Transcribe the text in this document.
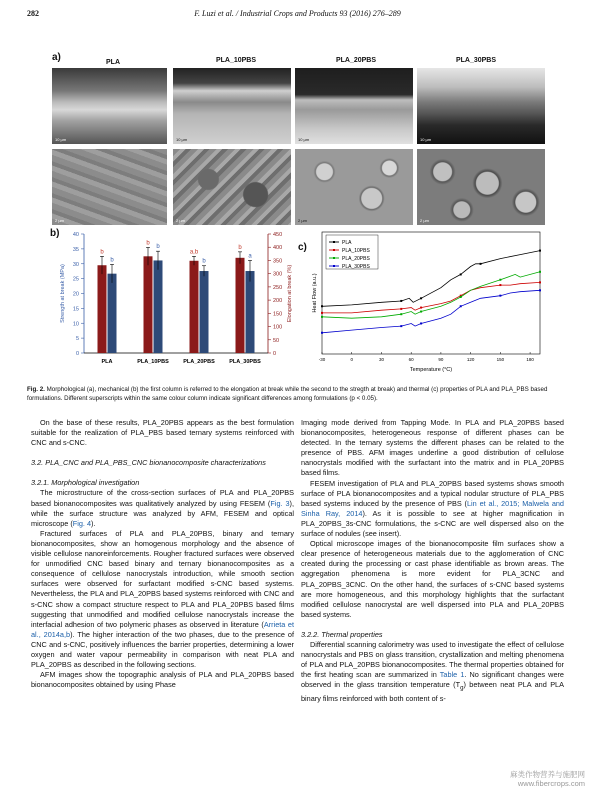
282	F. Luzi et al. / Industrial Crops and Products 93 (2016) 276–289
a)	PLA	PLA_10PBS	PLA_20PBS	PLA_30PBS
10 µm	10 µm	10 µm	10 µm
2 µm	2 µm	2 µm	2 µm
b)
0
5
10
15
20
25
30
35
40
0
50
100
150
200
250
300
350
400
450
Strength at break (MPa)	Elongation at break (%)
PLA
b
b
PLA_10PBS
b
b
PLA_20PBS
a,b
b
PLA_30PBS
b
a
c)
-30	0	30	60	90	120	150	180
Temperature (°C)
Heat Flow (a.u.)
PLA
PLA_10PBS
PLA_20PBS
PLA_30PBS
Fig. 2. Morphological (a), mechanical (b) the first column is referred to the elongation at break while the second to the stregth at break) and thermal (c) properties of PLA and PLA_PBS based formulations. Different superscripts within the same colour column indicate significant differences among formulations (p < 0.05).

On the base of these results, PLA_20PBS appears as the best formulation suitable for the realization of PLA_PBS based ternary systems reinforced with CNC and s-CNC.

3.2. PLA_CNC and PLA_PBS_CNC bionanocomposite characterizations
3.2.1. Morphological investigation

The microstructure of the cross-section surfaces of PLA and PLA_20PBS based bionanocomposites was qualitatively analyzed by using FESEM (Fig. 3), while the surface structure was analyzed by AFM, FESEM and optical microscope (Fig. 4).

Fractured surfaces of PLA and PLA_20PBS, binary and ternary bionanocomposites, show an homogenous morphology and the absence of visible cellulose nanoreinforcements. Rougher fractured surfaces were observed for unmodified CNC based binary and ternary bionanocomposites as a consequence of cellulose nanocrystals introduction, while smooth section surfaces were observed for surfactant modified s-CNC based systems. Nevertheless, the PLA and PLA_20PBS based systems reinforced with CNC and s-CNC show a compact structure respect to PLA and PLA_20PBS based films suggesting that unmodified and modified cellulose nanocrystals increase the interfacial adhesion of two polymeric phases as observed in literature (Arrieta et al., 2014a,b). The higher interaction of the two phases, due to the presence of CNC and s-CNC, positively influences the barrier properties, determining a lower oxygen and water vapour permeability in comparison with neat PLA and PLA_20PBS as described in the following sections.

AFM images show the topographic analysis of PLA and PLA_20PBS based bionanocomposites obtained by using Phase

Imaging mode derived from Tapping Mode. In PLA and PLA_20PBS based bionanocomposites, heterogeneous response of different phases can be detected. In the ternary systems the different phases can be related to the presence of PBS. AFM images underline a good distribution of cellulose nanocrystals modified with the surfactant into the matrix and in PLA_20PBS based films.

FESEM investigation of PLA and PLA_20PBS based systems shows smooth surface of PLA bionanocomposites and a typical nodular structure of PLA_PBS based systems induced by the presence of PBS (Lin et al., 2015; Malwela and Sinha Ray, 2014). As it is possible to see at higher magnification in PLA_20PBS_3s-CNC formulations, the s-CNC are well dispersed also on the surface of nodules (see insert).

Optical microscope images of the bionanocomposite film surfaces show a clear presence of heterogeneous materials due to the agglomeration of CNC created during the processing or cast phase identifiable as brown areas. The aggregation phenomena is more evident for PLA_3CNC and PLA_20PBS_3CNC. On the other hand, the surfaces of s-CNC based systems are more homogeneous, and this morphology highlights that the surfactant modified cellulose nanocrystal are well dispersed into PLA and PLA_20PBS based systems.

3.2.2. Thermal properties

Differential scanning calorimetry was used to investigate the effect of cellulose nanocrystals and PBS on glass transition, crystallization and melting phenomena of PLA and PLA_20PBS bionanocomposites. The thermal properties obtained for the first heating scan are summarized in Table 1. No significant changes were observed in the glass transition temperature $(T_g)$ between neat PLA and PLA binary films reinforced with both content of s-

麻类作物营养与施肥网
www.fibercrops.com
